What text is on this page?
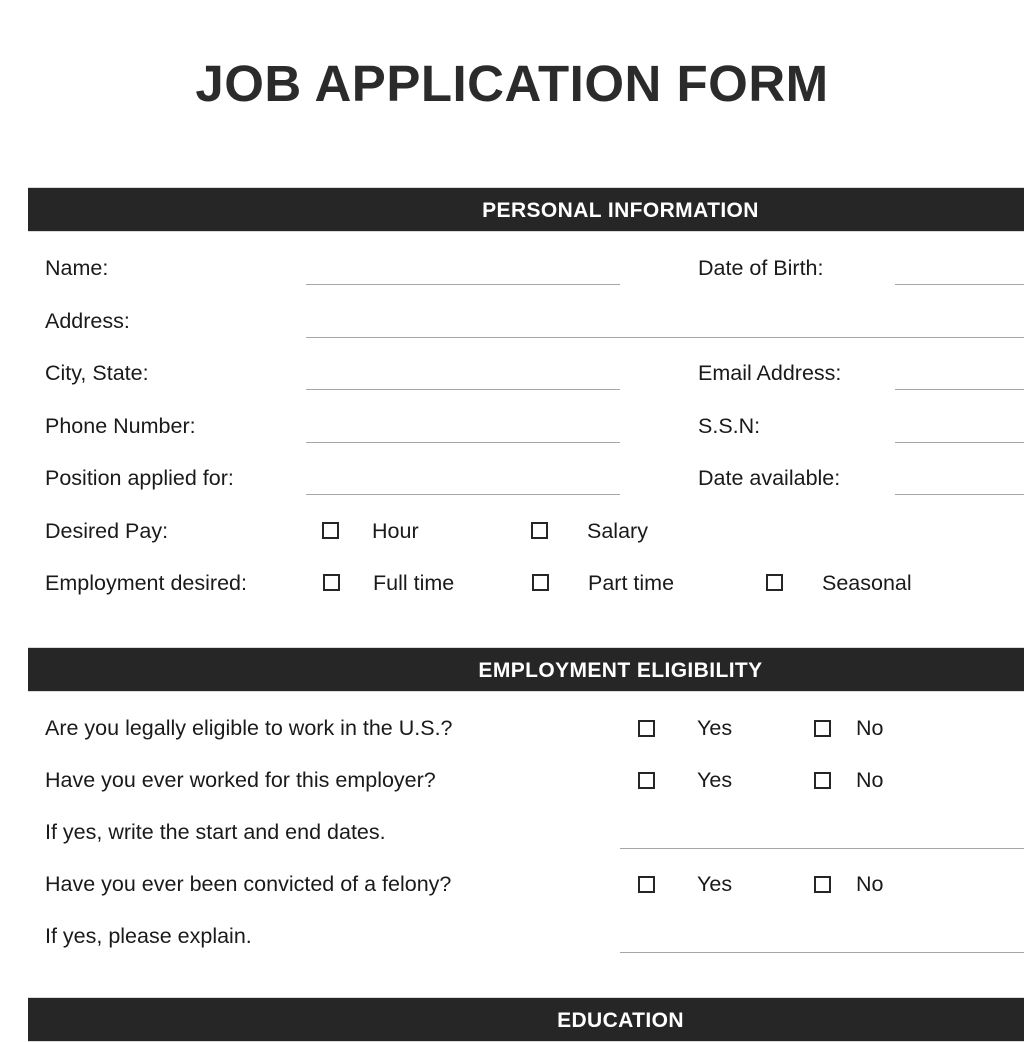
JOB APPLICATION FORM
PERSONAL INFORMATION
Name:	Date of Birth:
Address:
City, State:	Email Address:
Phone Number:	S.S.N:
Position applied for:	Date available:
Desired Pay:	Hour	Salary
Employment desired:	Full time	Part time	Seasonal
EMPLOYMENT ELIGIBILITY
Are you legally eligible to work in the U.S.?	Yes	No
Have you ever worked for this employer?	Yes	No
If yes, write the start and end dates.
Have you ever been convicted of a felony?	Yes	No
If yes, please explain.
EDUCATION
